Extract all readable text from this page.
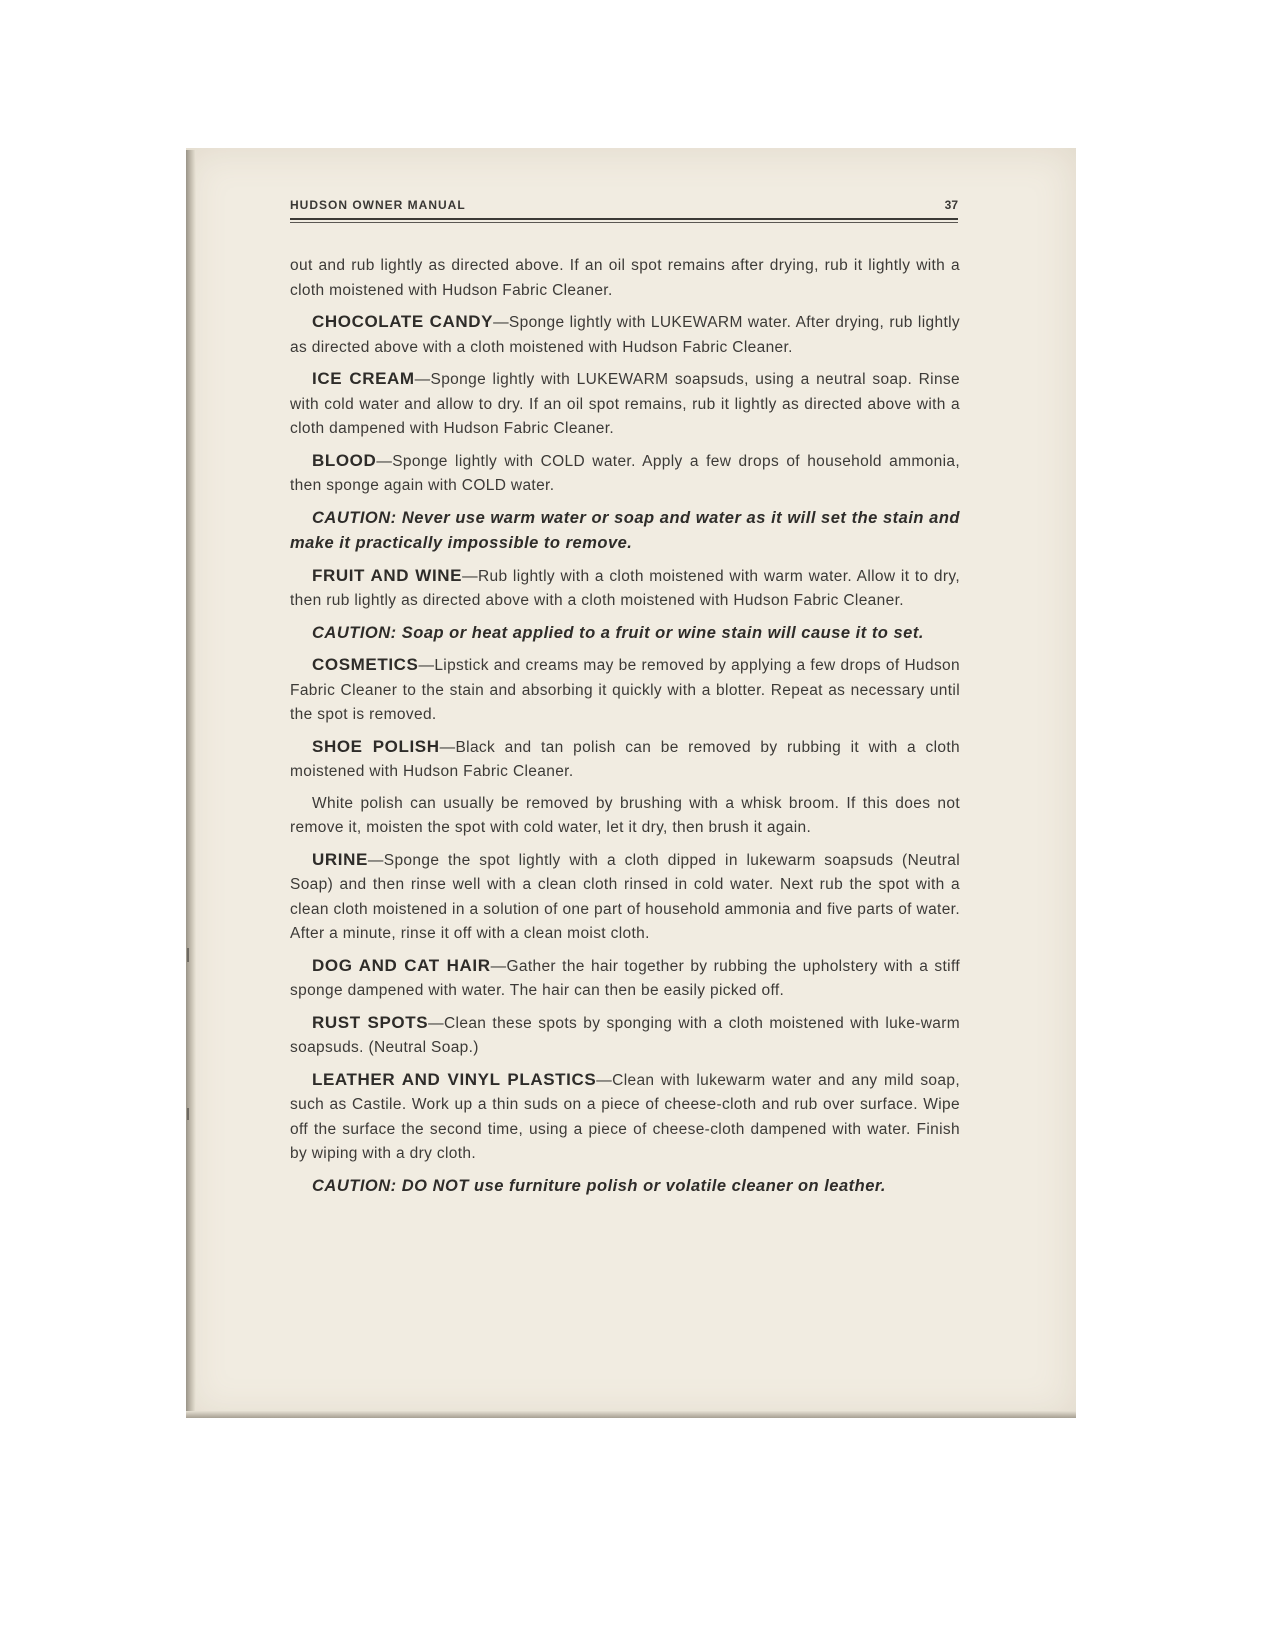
HUDSON OWNER MANUAL	37

out and rub lightly as directed above. If an oil spot remains after drying, rub it lightly with a cloth moistened with Hudson Fabric Cleaner.

CHOCOLATE CANDY—Sponge lightly with LUKEWARM water. After drying, rub lightly as directed above with a cloth moistened with Hudson Fabric Cleaner.

ICE CREAM—Sponge lightly with LUKEWARM soapsuds, using a neutral soap. Rinse with cold water and allow to dry. If an oil spot remains, rub it lightly as directed above with a cloth dampened with Hudson Fabric Cleaner.

BLOOD—Sponge lightly with COLD water. Apply a few drops of household ammonia, then sponge again with COLD water.

CAUTION: Never use warm water or soap and water as it will set the stain and make it practically impossible to remove.

FRUIT AND WINE—Rub lightly with a cloth moistened with warm water. Allow it to dry, then rub lightly as directed above with a cloth moistened with Hudson Fabric Cleaner.

CAUTION: Soap or heat applied to a fruit or wine stain will cause it to set.

COSMETICS—Lipstick and creams may be removed by applying a few drops of Hudson Fabric Cleaner to the stain and absorbing it quickly with a blotter. Repeat as necessary until the spot is removed.

SHOE POLISH—Black and tan polish can be removed by rubbing it with a cloth moistened with Hudson Fabric Cleaner.

White polish can usually be removed by brushing with a whisk broom. If this does not remove it, moisten the spot with cold water, let it dry, then brush it again.

URINE—Sponge the spot lightly with a cloth dipped in lukewarm soapsuds (Neutral Soap) and then rinse well with a clean cloth rinsed in cold water. Next rub the spot with a clean cloth moistened in a solution of one part of household ammonia and five parts of water. After a minute, rinse it off with a clean moist cloth.

DOG AND CAT HAIR—Gather the hair together by rubbing the upholstery with a stiff sponge dampened with water. The hair can then be easily picked off.

RUST SPOTS—Clean these spots by sponging with a cloth moistened with luke-warm soapsuds. (Neutral Soap.)

LEATHER AND VINYL PLASTICS—Clean with lukewarm water and any mild soap, such as Castile. Work up a thin suds on a piece of cheese-cloth and rub over surface. Wipe off the surface the second time, using a piece of cheese-cloth dampened with water. Finish by wiping with a dry cloth.

CAUTION: DO NOT use furniture polish or volatile cleaner on leather.
